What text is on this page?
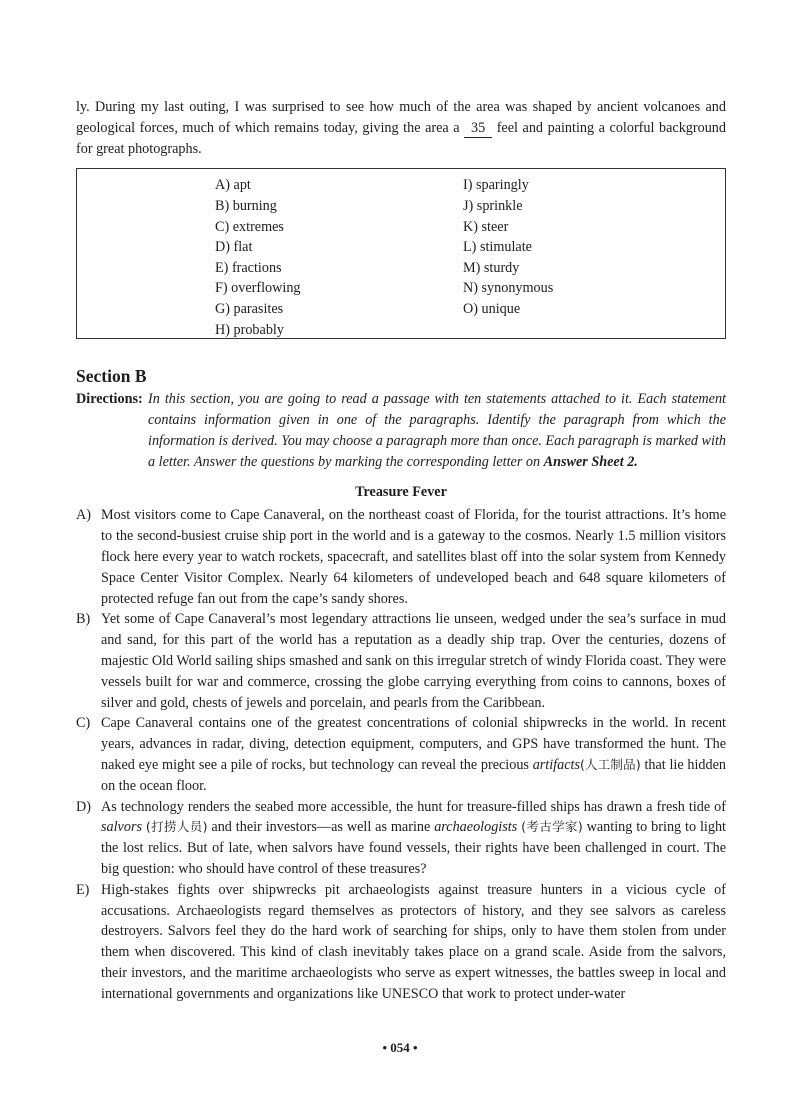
ly. During my last outing, I was surprised to see how much of the area was shaped by ancient volcanoes and geological forces, much of which remains today, giving the area a 35 feel and painting a colorful background for great photographs.

A) apt
B) burning
C) extremes
D) flat
E) fractions
F) overflowing
G) parasites
H) probably
I) sparingly
J) sprinkle
K) steer
L) stimulate
M) sturdy
N) synonymous
O) unique
Section B
Directions: In this section, you are going to read a passage with ten statements attached to it. Each statement contains information given in one of the paragraphs. Identify the paragraph from which the information is derived. You may choose a paragraph more than once. Each paragraph is marked with a letter. Answer the questions by marking the corresponding letter on Answer Sheet 2.
Treasure Fever
A) Most visitors come to Cape Canaveral, on the northeast coast of Florida, for the tourist attractions. It’s home to the second-busiest cruise ship port in the world and is a gateway to the cosmos. Nearly 1.5 million visitors flock here every year to watch rockets, spacecraft, and satellites blast off into the solar system from Kennedy Space Center Visitor Complex. Nearly 64 kilometers of undeveloped beach and 648 square kilometers of protected refuge fan out from the cape’s sandy shores.
B) Yet some of Cape Canaveral’s most legendary attractions lie unseen, wedged under the sea’s surface in mud and sand, for this part of the world has a reputation as a deadly ship trap. Over the centuries, dozens of majestic Old World sailing ships smashed and sank on this irregular stretch of windy Florida coast. They were vessels built for war and commerce, crossing the globe carrying everything from coins to cannons, boxes of silver and gold, chests of jewels and porcelain, and pearls from the Caribbean.
C) Cape Canaveral contains one of the greatest concentrations of colonial shipwrecks in the world. In recent years, advances in radar, diving, detection equipment, computers, and GPS have transformed the hunt. The naked eye might see a pile of rocks, but technology can reveal the precious artifacts(人工制品) that lie hidden on the ocean floor.
D) As technology renders the seabed more accessible, the hunt for treasure-filled ships has drawn a fresh tide of salvors (打捞人员) and their investors—as well as marine archaeologists (考古学家) wanting to bring to light the lost relics. But of late, when salvors have found vessels, their rights have been challenged in court. The big question: who should have control of these treasures?
E) High-stakes fights over shipwrecks pit archaeologists against treasure hunters in a vicious cycle of accusations. Archaeologists regard themselves as protectors of history, and they see salvors as careless destroyers. Salvors feel they do the hard work of searching for ships, only to have them stolen from under them when discovered. This kind of clash inevitably takes place on a grand scale. Aside from the salvors, their investors, and the maritime archaeologists who serve as expert witnesses, the battles sweep in local and international governments and organizations like UNESCO that work to protect under-water
• 054 •
